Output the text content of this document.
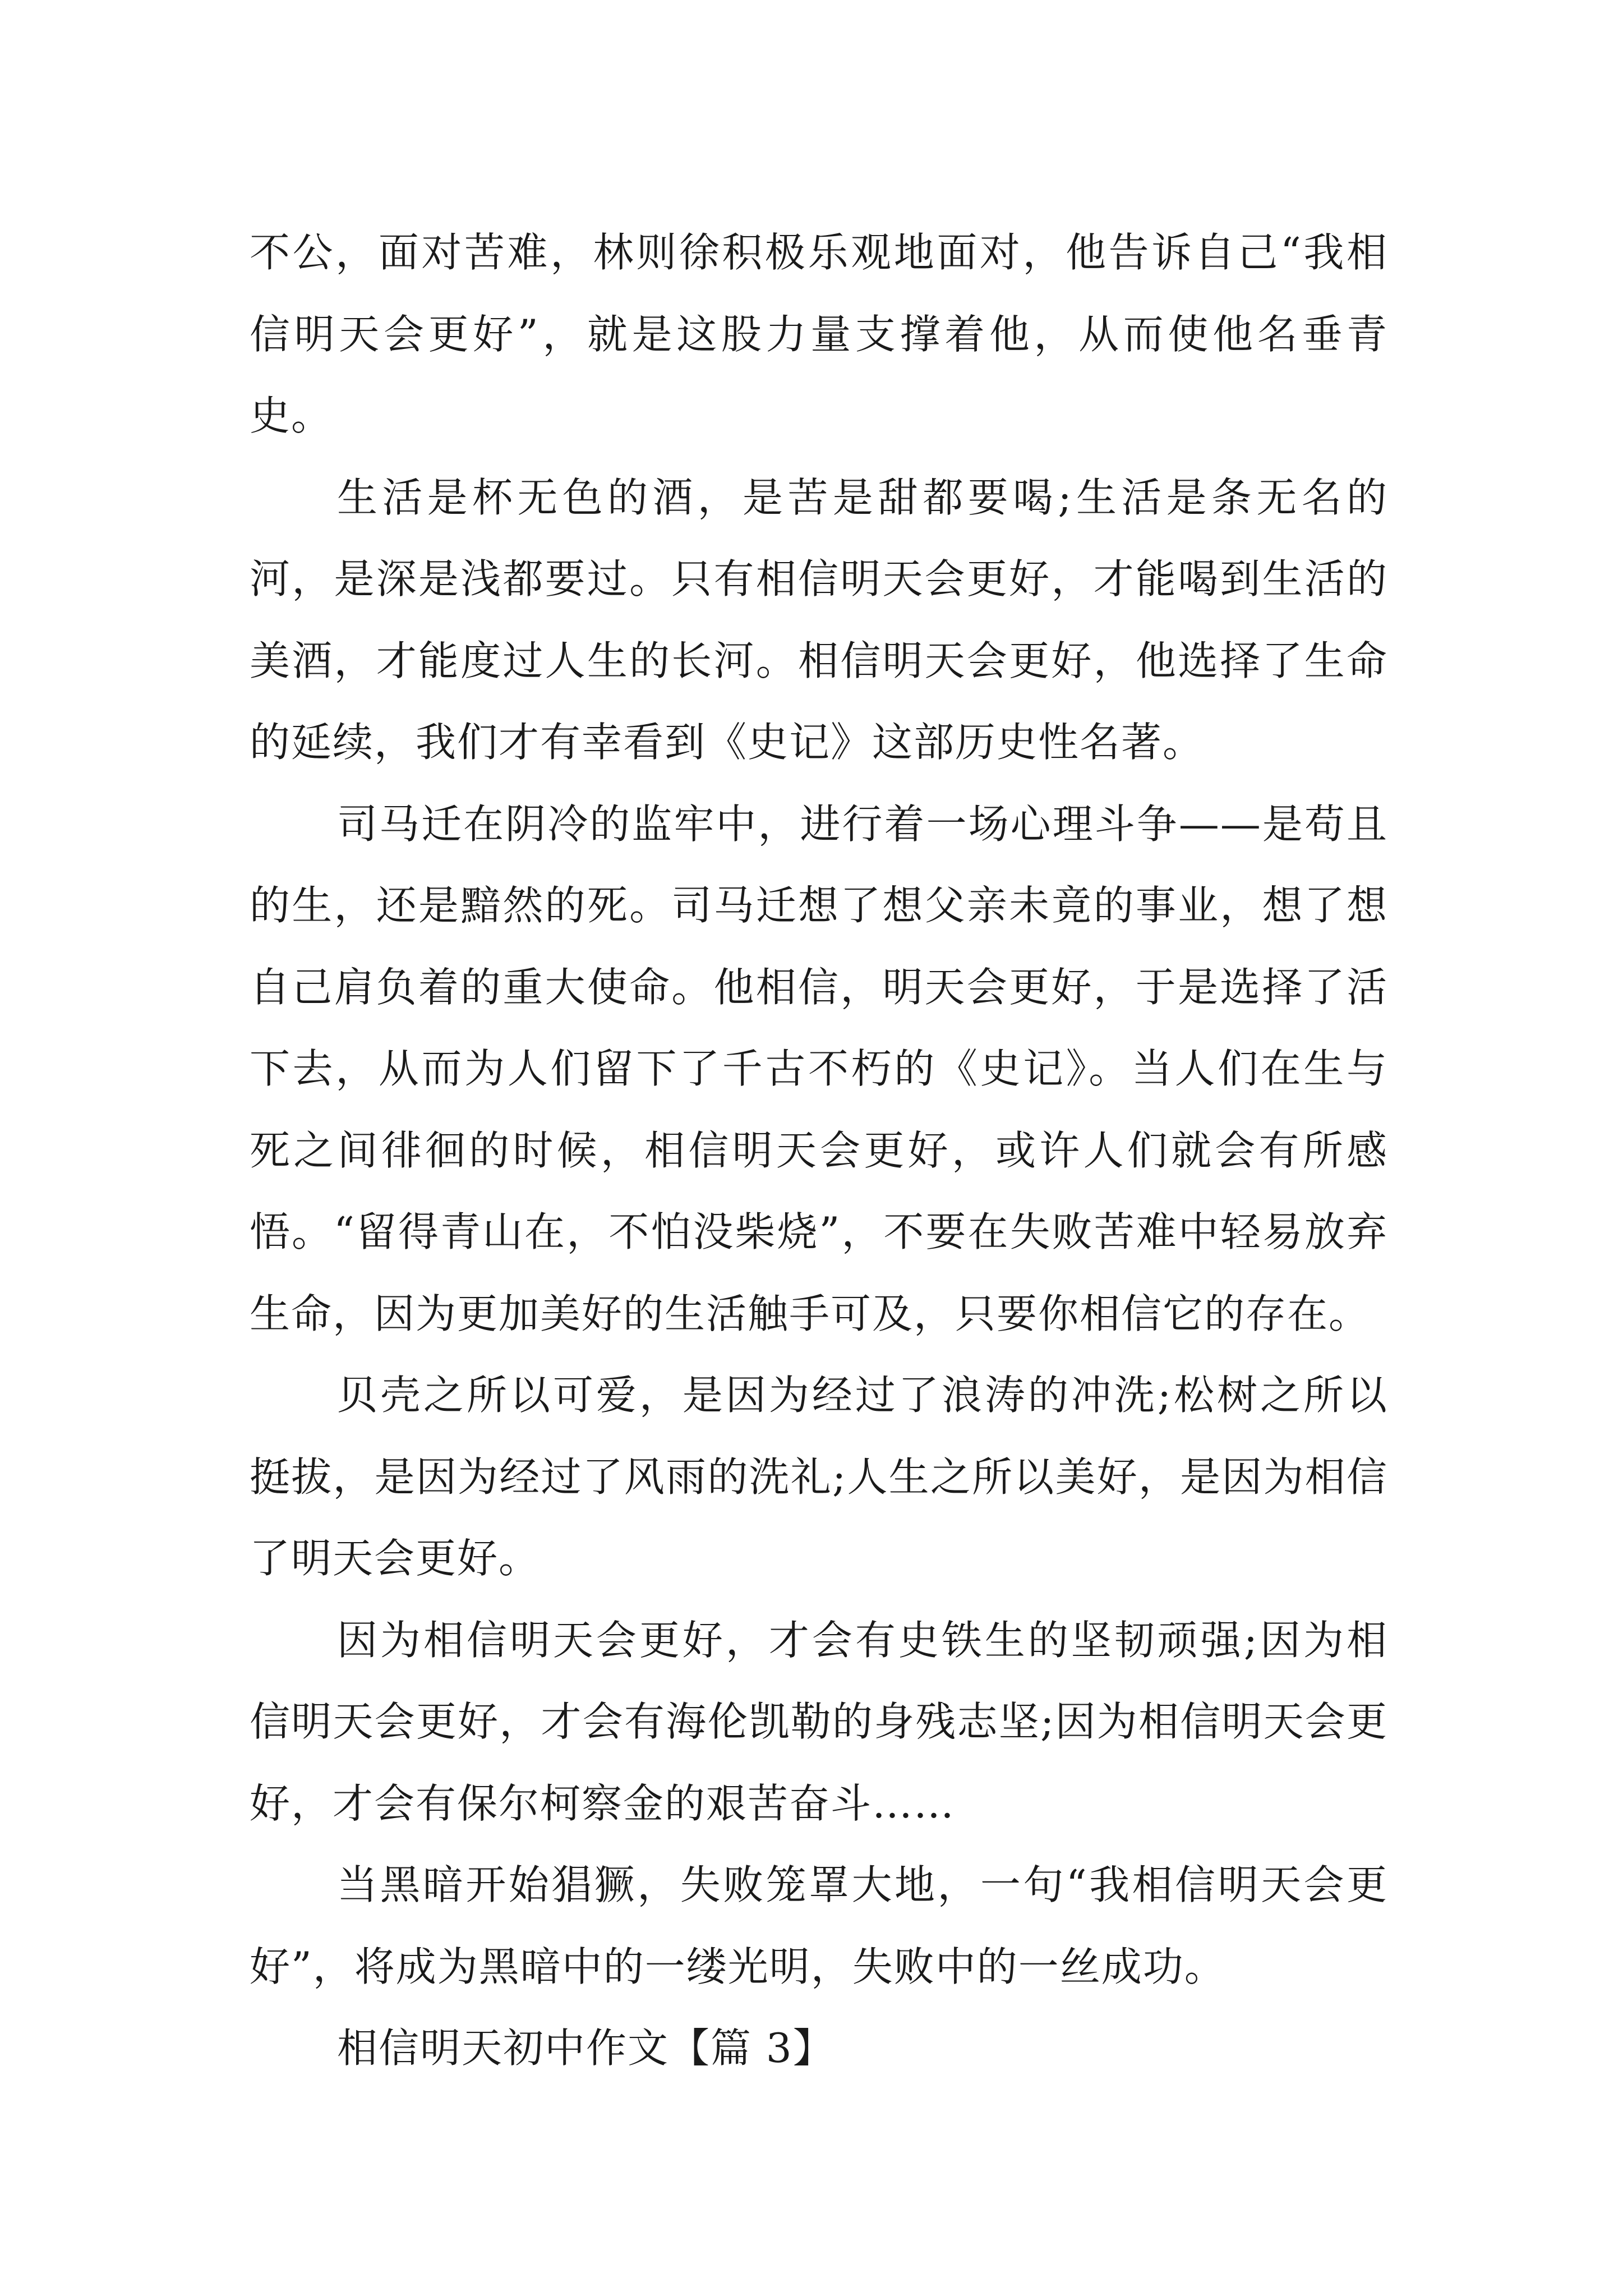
不公，面对苦难，林则徐积极乐观地面对，他告诉自己“我相信明天会更好”，就是这股力量支撑着他，从而使他名垂青史。

生活是杯无色的酒，是苦是甜都要喝;生活是条无名的河，是深是浅都要过。只有相信明天会更好，才能喝到生活的美酒，才能度过人生的长河。相信明天会更好，他选择了生命的延续，我们才有幸看到《史记》这部历史性名著。

司马迁在阴冷的监牢中，进行着一场心理斗争——是苟且的生，还是黯然的死。司马迁想了想父亲未竟的事业，想了想自己肩负着的重大使命。他相信，明天会更好，于是选择了活下去，从而为人们留下了千古不朽的《史记》。当人们在生与死之间徘徊的时候，相信明天会更好，或许人们就会有所感悟。“留得青山在，不怕没柴烧”，不要在失败苦难中轻易放弃生命，因为更加美好的生活触手可及，只要你相信它的存在。

贝壳之所以可爱，是因为经过了浪涛的冲洗;松树之所以挺拔，是因为经过了风雨的洗礼;人生之所以美好，是因为相信了明天会更好。

因为相信明天会更好，才会有史铁生的坚韧顽强;因为相信明天会更好，才会有海伦凯勒的身残志坚;因为相信明天会更好，才会有保尔柯察金的艰苦奋斗……

当黑暗开始猖獗，失败笼罩大地，一句“我相信明天会更好”，将成为黑暗中的一缕光明，失败中的一丝成功。

相信明天初中作文【篇 3】
